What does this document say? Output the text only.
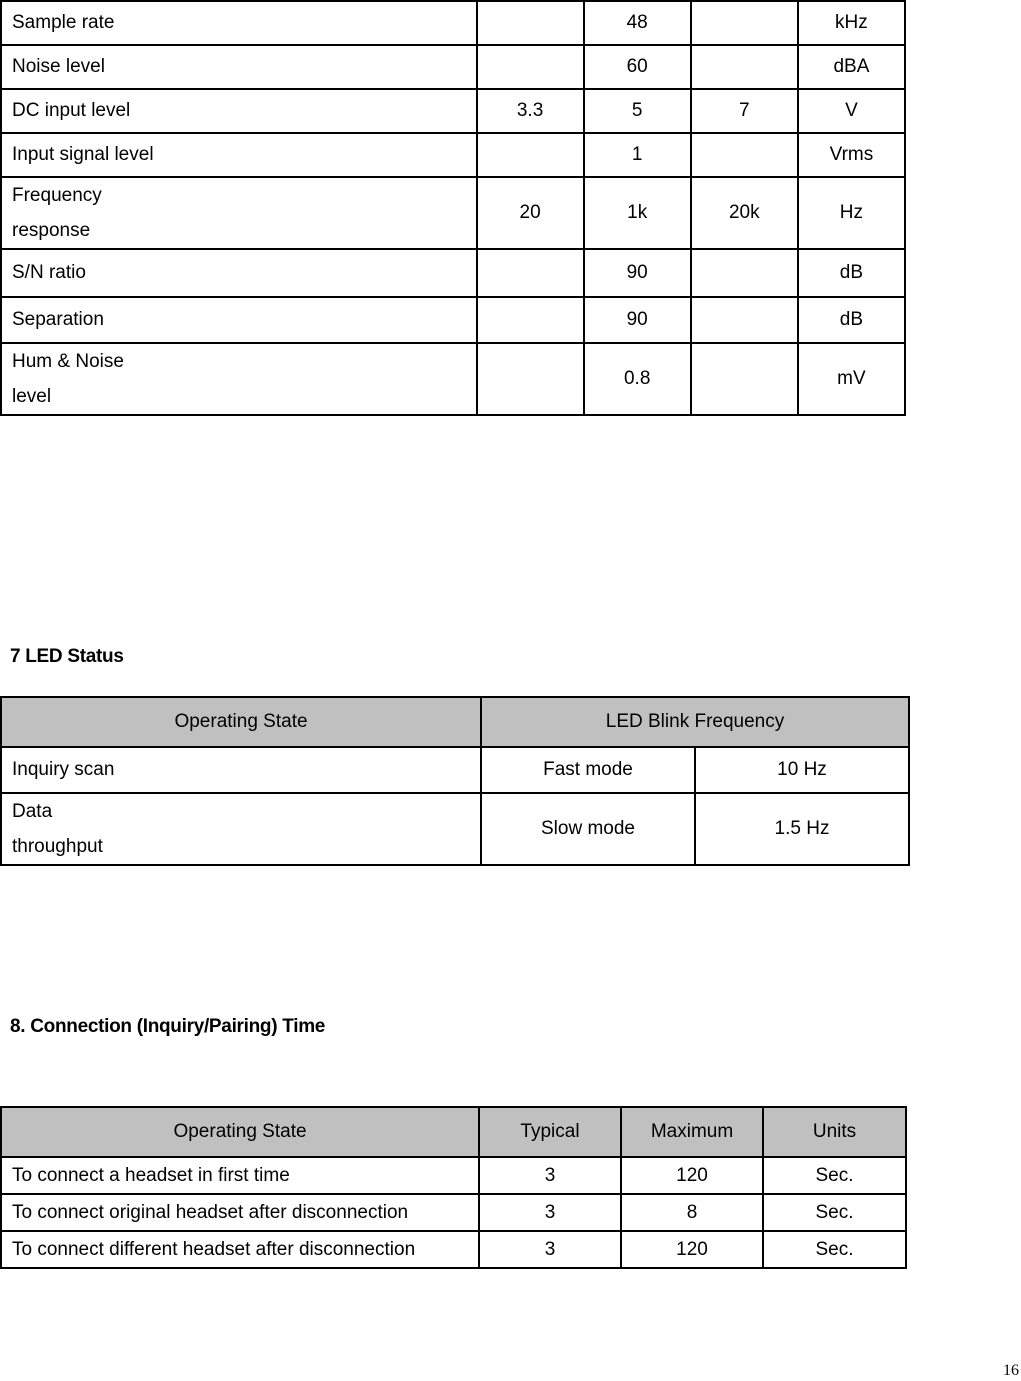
Sample rate		48		kHz
Noise level		60		dBA
DC input level	3.3	5	7	V
Input signal level		1		Vrms
Frequency
response	20	1k	20k	Hz
S/N ratio		90		dB
Separation		90		dB
Hum & Noise
level		0.8		mV
7 LED Status
Operating State	LED Blink Frequency	
Inquiry scan	Fast mode	10 Hz
Data
throughput	Slow mode	1.5 Hz
8. Connection (Inquiry/Pairing) Time
Operating State	Typical	Maximum	Units
To connect a headset in first time	3	120	Sec.
To connect original headset after disconnection	3	8	Sec.
To connect different headset after disconnection	3	120	Sec.
16
